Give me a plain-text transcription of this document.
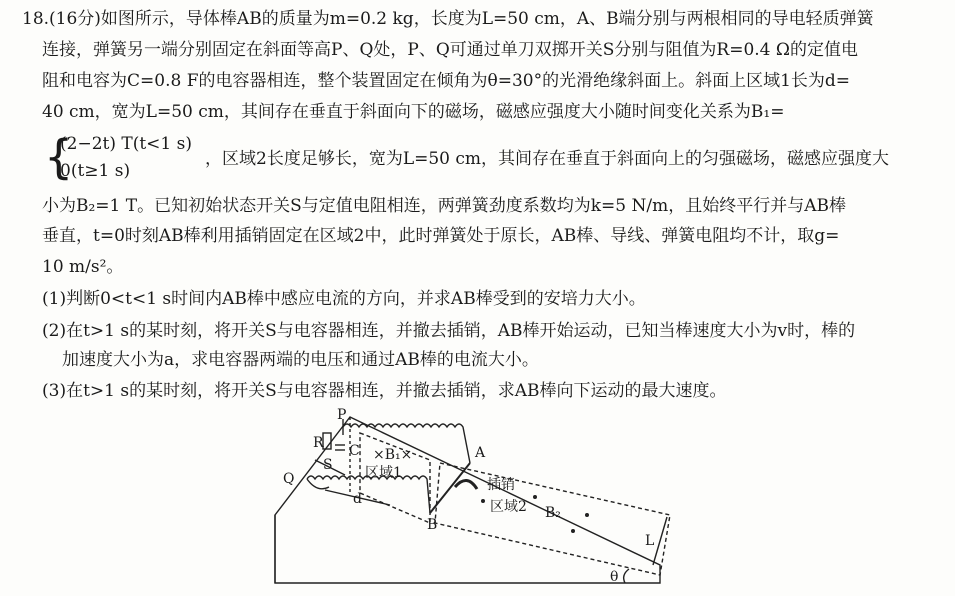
18.(16分)如图所示，导体棒AB的质量为m=0.2 kg，长度为L=50 cm，A、B端分别与两根相同的导电轻质弹簧
连接，弹簧另一端分别固定在斜面等高P、Q处，P、Q可通过单刀双掷开关S分别与阻值为R=0.4 Ω的定值电
阻和电容为C=0.8 F的电容器相连，整个装置固定在倾角为θ=30°的光滑绝缘斜面上。斜面上区域1长为d=
40 cm，宽为L=50 cm，其间存在垂直于斜面向下的磁场，磁感应强度大小随时间变化关系为B₁=
{
(2−2t) T(t<1 s)
0(t≥1 s)
，区域2长度足够长，宽为L=50 cm，其间存在垂直于斜面向上的匀强磁场，磁感应强度大
小为B₂=1 T。已知初始状态开关S与定值电阻相连，两弹簧劲度系数均为k=5 N/m，且始终平行并与AB棒
垂直，t=0时刻AB棒利用插销固定在区域2中，此时弹簧处于原长，AB棒、导线、弹簧电阻均不计，取g=
10 m/s²。
(1)判断0<t<1 s时间内AB棒中感应电流的方向，并求AB棒受到的安培力大小。
(2)在t>1 s的某时刻，将开关S与电容器相连，并撤去插销，AB棒开始运动，已知当棒速度大小为v时，棒的
加速度大小为a，求电容器两端的电压和通过AB棒的电流大小。
(3)在t>1 s的某时刻，将开关S与电容器相连，并撤去插销，求AB棒向下运动的最大速度。
P
Q
R C
S
×B₁×
区域1
d
A
B
插销
区域2 B₂
L
θ
